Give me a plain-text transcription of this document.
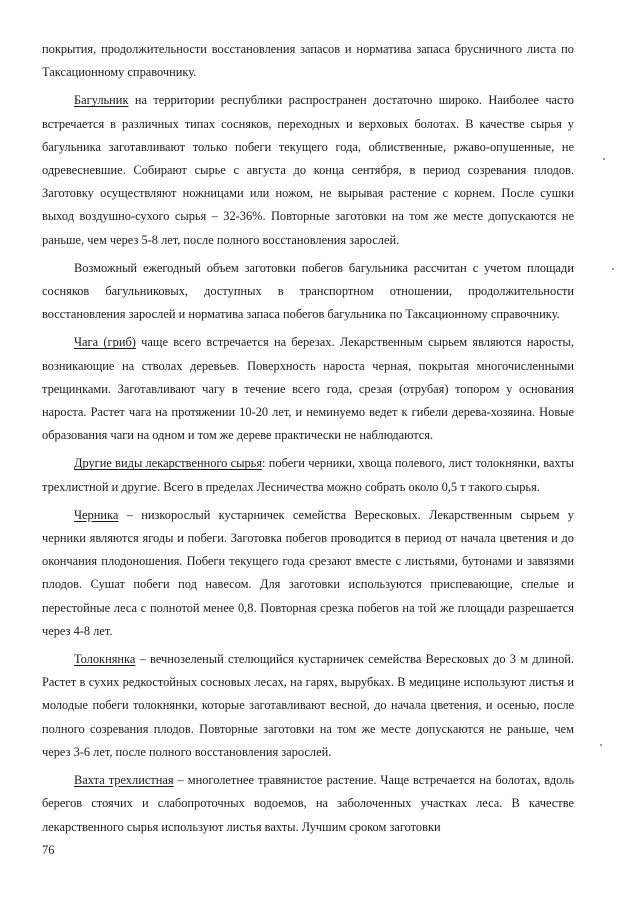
покрытия, продолжительности восстановления запасов и норматива запаса брусничного листа по Таксационному справочнику.

Багульник на территории республики распространен достаточно широко. Наиболее часто встречается в различных типах сосняков, переходных и верховых болотах. В качестве сырья у багульника заготавливают только побеги текущего года, облиственные, ржаво-опушенные, не одревесневшие. Собирают сырье с августа до конца сентября, в период созревания плодов. Заготовку осуществляют ножницами или ножом, не вырывая растение с корнем. После сушки выход воздушно-сухого сырья – 32-36%. Повторные заготовки на том же месте допускаются не раньше, чем через 5-8 лет, после полного восстановления зарослей.

Возможный ежегодный объем заготовки побегов багульника рассчитан с учетом площади сосняков багульниковых, доступных в транспортном отношении, продолжительности восстановления зарослей и норматива запаса побегов багульника по Таксационному справочнику.

Чага (гриб) чаще всего встречается на березах. Лекарственным сырьем являются наросты, возникающие на стволах деревьев. Поверхность нароста черная, покрытая многочисленными трещинками. Заготавливают чагу в течение всего года, срезая (отрубая) топором у основания нароста. Растет чага на протяжении 10-20 лет, и неминуемо ведет к гибели дерева-хозяина. Новые образования чаги на одном и том же дереве практически не наблюдаются.

Другие виды лекарственного сырья: побеги черники, хвоща полевого, лист толокнянки, вахты трехлистной и другие. Всего в пределах Лесничества можно собрать около 0,5 т такого сырья.

Черника – низкорослый кустарничек семейства Вересковых. Лекарственным сырьем у черники являются ягоды и побеги. Заготовка побегов проводится в период от начала цветения и до окончания плодоношения. Побеги текущего года срезают вместе с листьями, бутонами и завязями плодов. Сушат побеги под навесом. Для заготовки используются приспевающие, спелые и перестойные леса с полнотой менее 0,8. Повторная срезка побегов на той же площади разрешается через 4-8 лет.

Толокнянка – вечнозеленый стелющийся кустарничек семейства Вересковых до 3 м длиной. Растет в сухих редкостойных сосновых лесах, на гарях, вырубках. В медицине используют листья и молодые побеги толокнянки, которые заготавливают весной, до начала цветения, и осенью, после полного созревания плодов. Повторные заготовки на том же месте допускаются не раньше, чем через 3-6 лет, после полного восстановления зарослей.

Вахта трехлистная – многолетнее травянистое растение. Чаще встречается на болотах, вдоль берегов стоячих и слабопроточных водоемов, на заболоченных участках леса. В качестве лекарственного сырья используют листья вахты. Лучшим сроком заготовки

76
